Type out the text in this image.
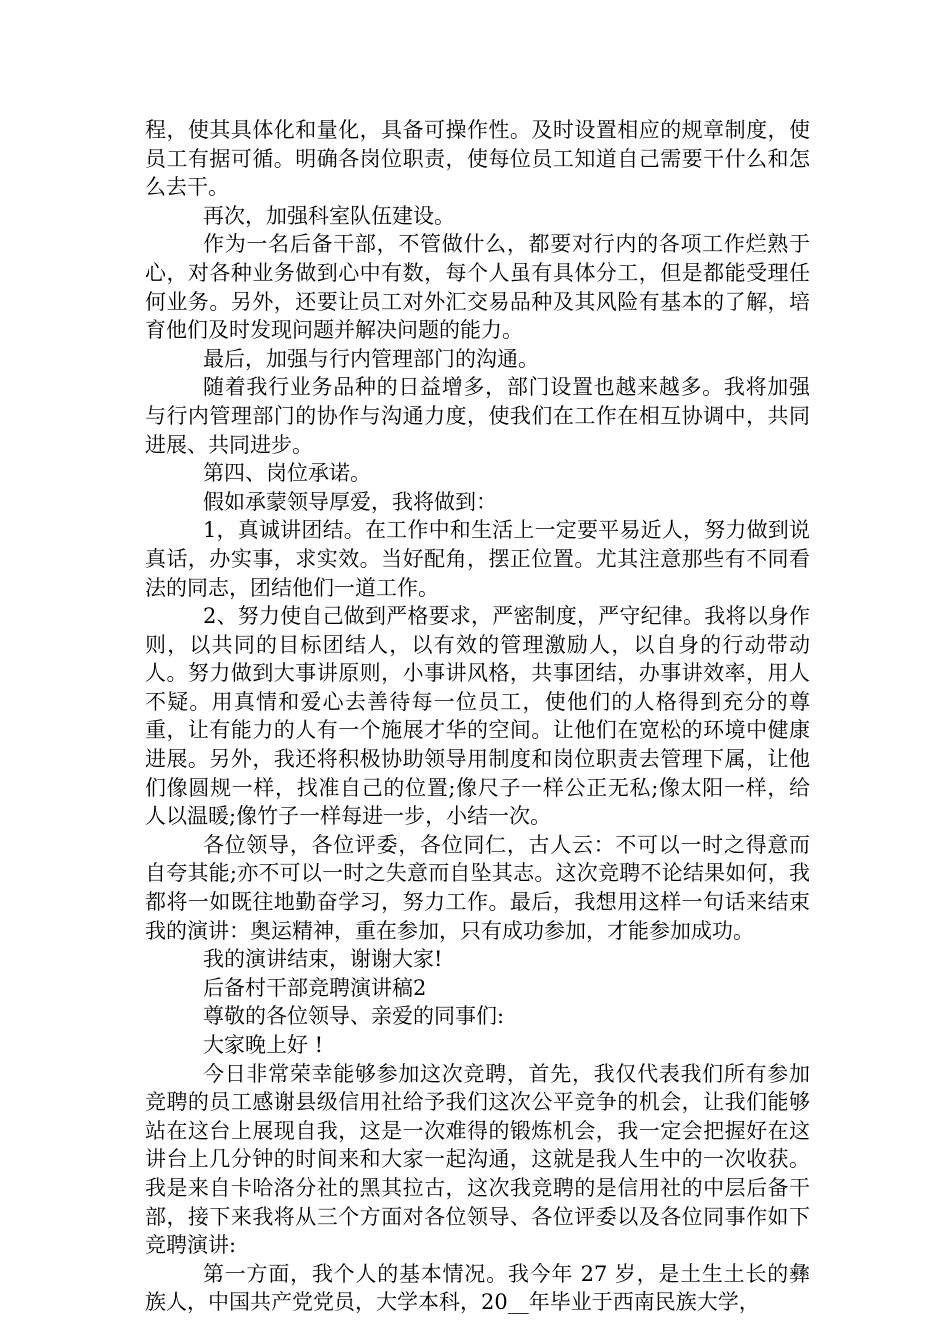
程，使其具体化和量化，具备可操作性。及时设置相应的规章制度，使员工有据可循。明确各岗位职责，使每位员工知道自己需要干什么和怎么去干。

再次，加强科室队伍建设。

作为一名后备干部，不管做什么，都要对行内的各项工作烂熟于心，对各种业务做到心中有数，每个人虽有具体分工，但是都能受理任何业务。另外，还要让员工对外汇交易品种及其风险有基本的了解，培育他们及时发现问题并解决问题的能力。

最后，加强与行内管理部门的沟通。

随着我行业务品种的日益增多，部门设置也越来越多。我将加强与行内管理部门的协作与沟通力度，使我们在工作在相互协调中，共同进展、共同进步。

第四、岗位承诺。

假如承蒙领导厚爱，我将做到：

1，真诚讲团结。在工作中和生活上一定要平易近人，努力做到说真话，办实事，求实效。当好配角，摆正位置。尤其注意那些有不同看法的同志，团结他们一道工作。

2、努力使自己做到严格要求，严密制度，严守纪律。我将以身作则，以共同的目标团结人，以有效的管理激励人，以自身的行动带动人。努力做到大事讲原则，小事讲风格，共事团结，办事讲效率，用人不疑。用真情和爱心去善待每一位员工，使他们的人格得到充分的尊重，让有能力的人有一个施展才华的空间。让他们在宽松的环境中健康进展。另外，我还将积极协助领导用制度和岗位职责去管理下属，让他们像圆规一样，找准自己的位置;像尺子一样公正无私;像太阳一样，给人以温暖;像竹子一样每进一步，小结一次。

各位领导，各位评委，各位同仁，古人云：不可以一时之得意而自夸其能;亦不可以一时之失意而自坠其志。这次竞聘不论结果如何，我都将一如既往地勤奋学习，努力工作。最后，我想用这样一句话来结束我的演讲：奥运精神，重在参加，只有成功参加，才能参加成功。

我的演讲结束，谢谢大家!

后备村干部竞聘演讲稿2

尊敬的各位领导、亲爱的同事们:

大家晚上好 !

今日非常荣幸能够参加这次竞聘，首先，我仅代表我们所有参加竞聘的员工感谢县级信用社给予我们这次公平竞争的机会，让我们能够站在这台上展现自我，这是一次难得的锻炼机会，我一定会把握好在这讲台上几分钟的时间来和大家一起沟通，这就是我人生中的一次收获。我是来自卡哈洛分社的黑其拉古，这次我竞聘的是信用社的中层后备干部，接下来我将从三个方面对各位领导、各位评委以及各位同事作如下竞聘演讲:

第一方面，我个人的基本情况。我今年 27 岁，是土生土长的彝族人，中国共产党党员，大学本科，20__年毕业于西南民族大学，
